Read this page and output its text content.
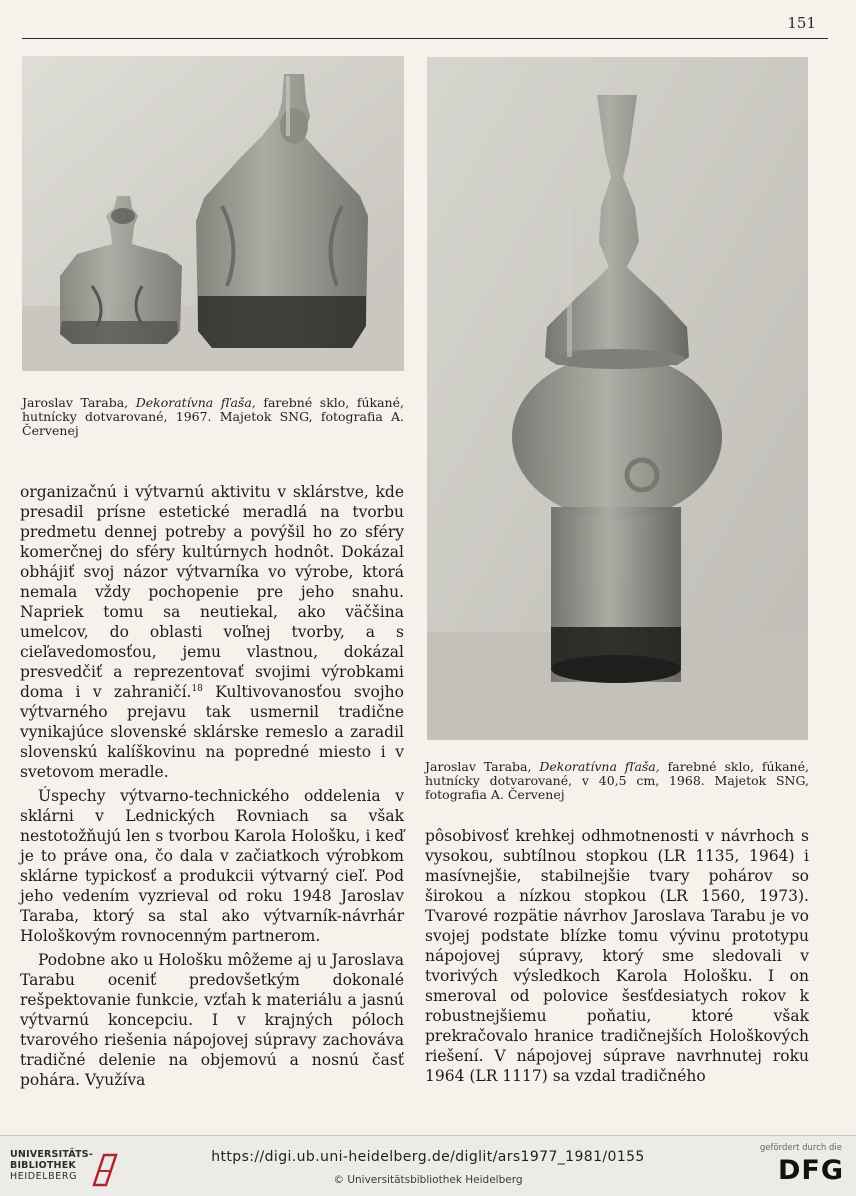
151
Jaroslav Taraba, Dekoratívna fľaša, farebné sklo, fúkané, hutnícky dotvarované, 1967. Majetok SNG, fotografia A. Červenej
Jaroslav Taraba, Dekoratívna fľaša, farebné sklo, fúkané, hutnícky dotvarované, v 40,5 cm, 1968. Majetok SNG, fotografia A. Červenej

organizačnú i výtvarnú aktivitu v sklárstve, kde presadil prísne estetické meradlá na tvorbu predmetu dennej potreby a povýšil ho zo sféry komerčnej do sféry kultúrnych hodnôt. Dokázal obhájiť svoj názor výtvarníka vo výrobe, ktorá nemala vždy pochopenie pre jeho snahu. Napriek tomu sa neutiekal, ako väčšina umelcov, do oblasti voľnej tvorby, a s cieľavedomosťou, jemu vlastnou, dokázal presvedčiť a reprezentovať svojimi výrobkami doma i v zahraničí.$^{18}$ Kultivovanosťou svojho výtvarného prejavu tak usmernil tradične vynikajúce slovenské sklárske remeslo a zaradil slovenskú kalíškovinu na popredné miesto i v svetovom meradle.

Úspechy výtvarno-technického oddelenia v sklárni v Lednických Rovniach sa však nestotožňujú len s tvorbou Karola Hološku, i keď je to práve ona, čo dala v začiatkoch výrobkom sklárne typickosť a produkcii výtvarný cieľ. Pod jeho vedením vyzrieval od roku 1948 Jaroslav Taraba, ktorý sa stal ako výtvarník-návrhár Hološkovým rovnocenným partnerom.

Podobne ako u Hološku môžeme aj u Jaroslava Tarabu oceniť predovšetkým dokonalé rešpektovanie funkcie, vzťah k materiálu a jasnú výtvarnú koncepciu. I v krajných póloch tvarového riešenia nápojovej súpravy zachováva tradičné delenie na objemovú a nosnú časť pohára. Využíva

pôsobivosť krehkej odhmotnenosti v návrhoch s vysokou, subtílnou stopkou (LR 1135, 1964) i masívnejšie, stabilnejšie tvary pohárov so širokou a nízkou stopkou (LR 1560, 1973). Tvarové rozpätie návrhov Jaroslava Tarabu je vo svojej podstate blízke tomu vývinu prototypu nápojovej súpravy, ktorý sme sledovali v tvorivých výsledkoch Karola Hološku. I on smeroval od polovice šesťdesiatych rokov k robustnejšiemu poňatiu, ktoré však prekračovalo hranice tradičnejších Hološkových riešení. V nápojovej súprave navrhnutej roku 1964 (LR 1117) sa vzdal tradičného

UNIVERSITÄTS-
BIBLIOTHEK
HEIDELBERG
https://digi.ub.uni-heidelberg.de/diglit/ars1977_1981/0155
© Universitätsbibliothek Heidelberg
gefördert durch die
DFG
